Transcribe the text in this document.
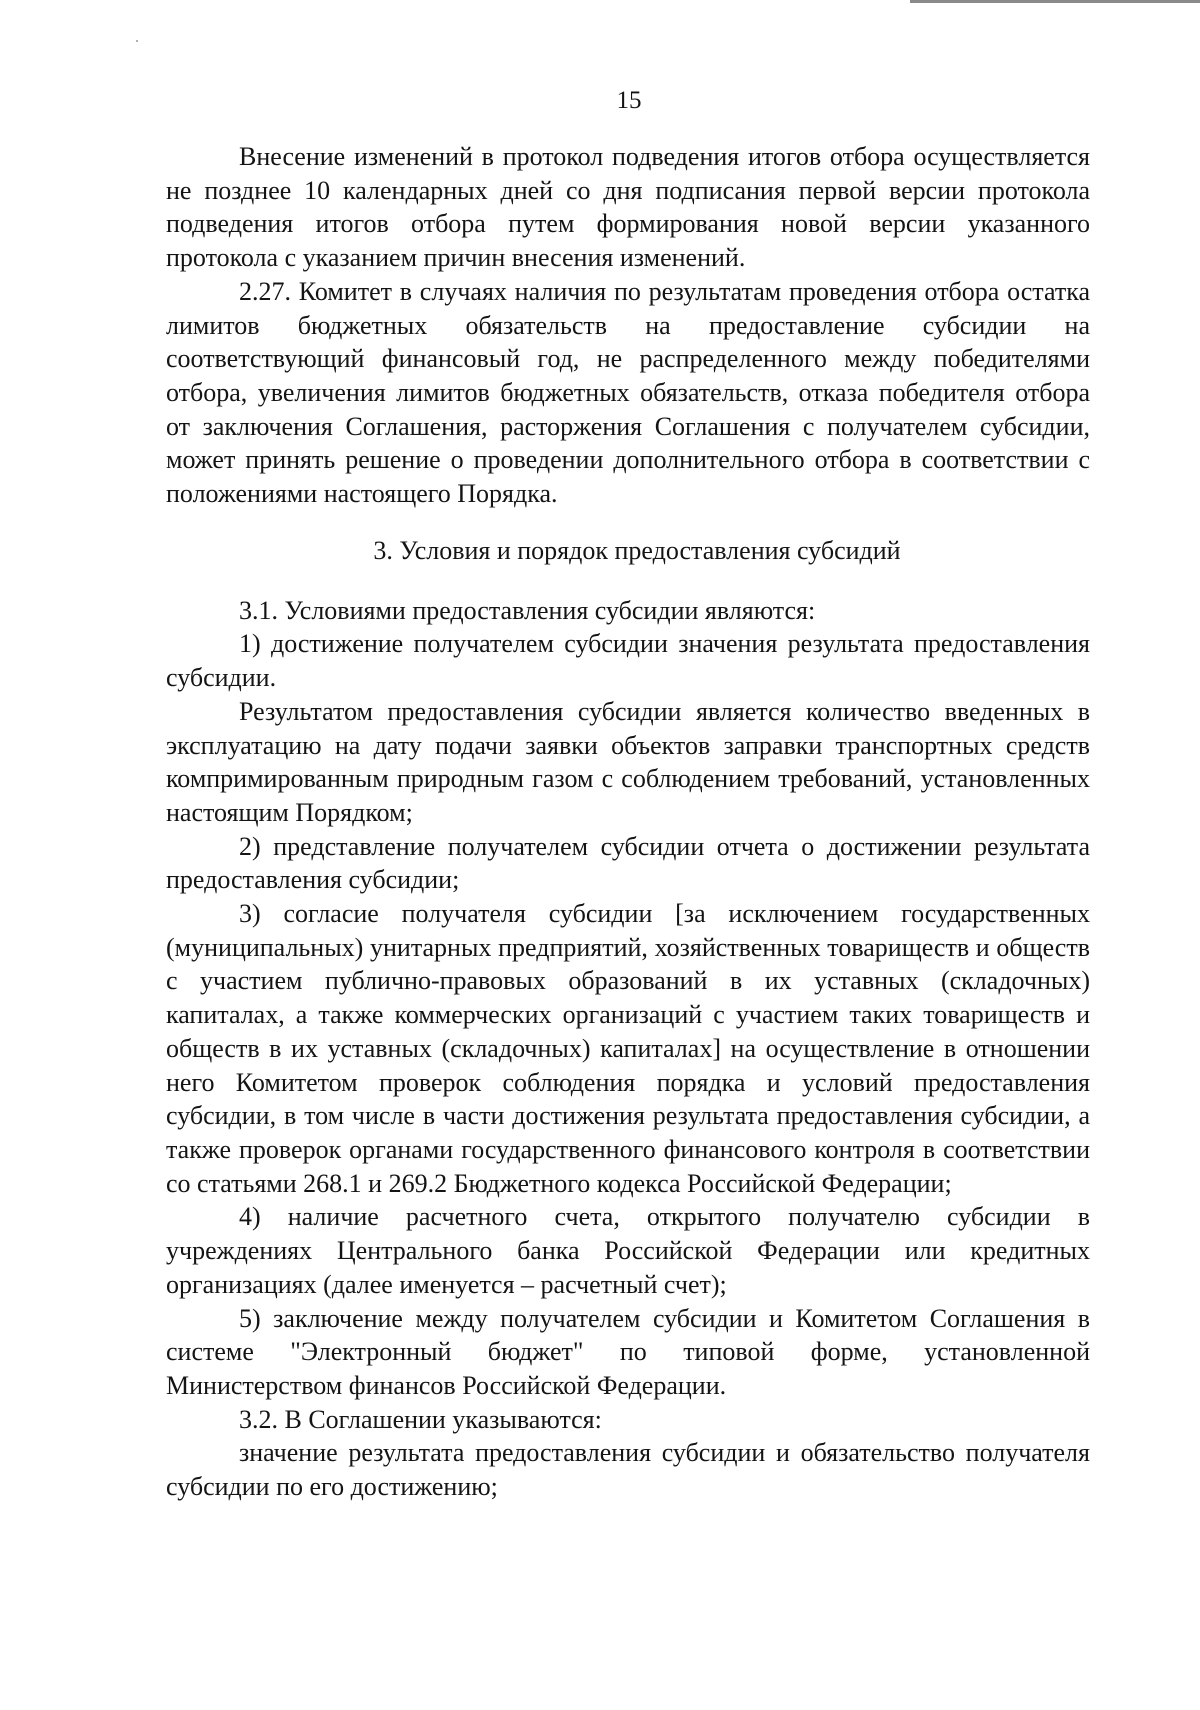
15

Внесение изменений в протокол подведения итогов отбора осуществляется не позднее 10 календарных дней со дня подписания первой версии протокола подведения итогов отбора путем формирования новой версии указанного протокола с указанием причин внесения изменений.

2.27. Комитет в случаях наличия по результатам проведения отбора остатка лимитов бюджетных обязательств на предоставление субсидии на соответствующий финансовый год, не распределенного между победителями отбора, увеличения лимитов бюджетных обязательств, отказа победителя отбора от заключения Соглашения, расторжения Соглашения с получателем субсидии, может принять решение о проведении дополнительного отбора в соответствии с положениями настоящего Порядка.

3. Условия и порядок предоставления субсидий

3.1. Условиями предоставления субсидии являются:

1) достижение получателем субсидии значения результата предоставления субсидии.

Результатом предоставления субсидии является количество введенных в эксплуатацию на дату подачи заявки объектов заправки транспортных средств компримированным природным газом с соблюдением требований, установленных настоящим Порядком;

2) представление получателем субсидии отчета о достижении результата предоставления субсидии;

3) согласие получателя субсидии [за исключением государственных (муниципальных) унитарных предприятий, хозяйственных товариществ и обществ с участием публично-правовых образований в их уставных (складочных) капиталах, а также коммерческих организаций с участием таких товариществ и обществ в их уставных (складочных) капиталах] на осуществление в отношении него Комитетом проверок соблюдения порядка и условий предоставления субсидии, в том числе в части достижения результата предоставления субсидии, а также проверок органами государственного финансового контроля в соответствии со статьями 268.1 и 269.2 Бюджетного кодекса Российской Федерации;

4) наличие расчетного счета, открытого получателю субсидии в учреждениях Центрального банка Российской Федерации или кредитных организациях (далее именуется – расчетный счет);

5) заключение между получателем субсидии и Комитетом Соглашения в системе "Электронный бюджет" по типовой форме, установленной Министерством финансов Российской Федерации.

3.2. В Соглашении указываются:

значение результата предоставления субсидии и обязательство получателя субсидии по его достижению;
